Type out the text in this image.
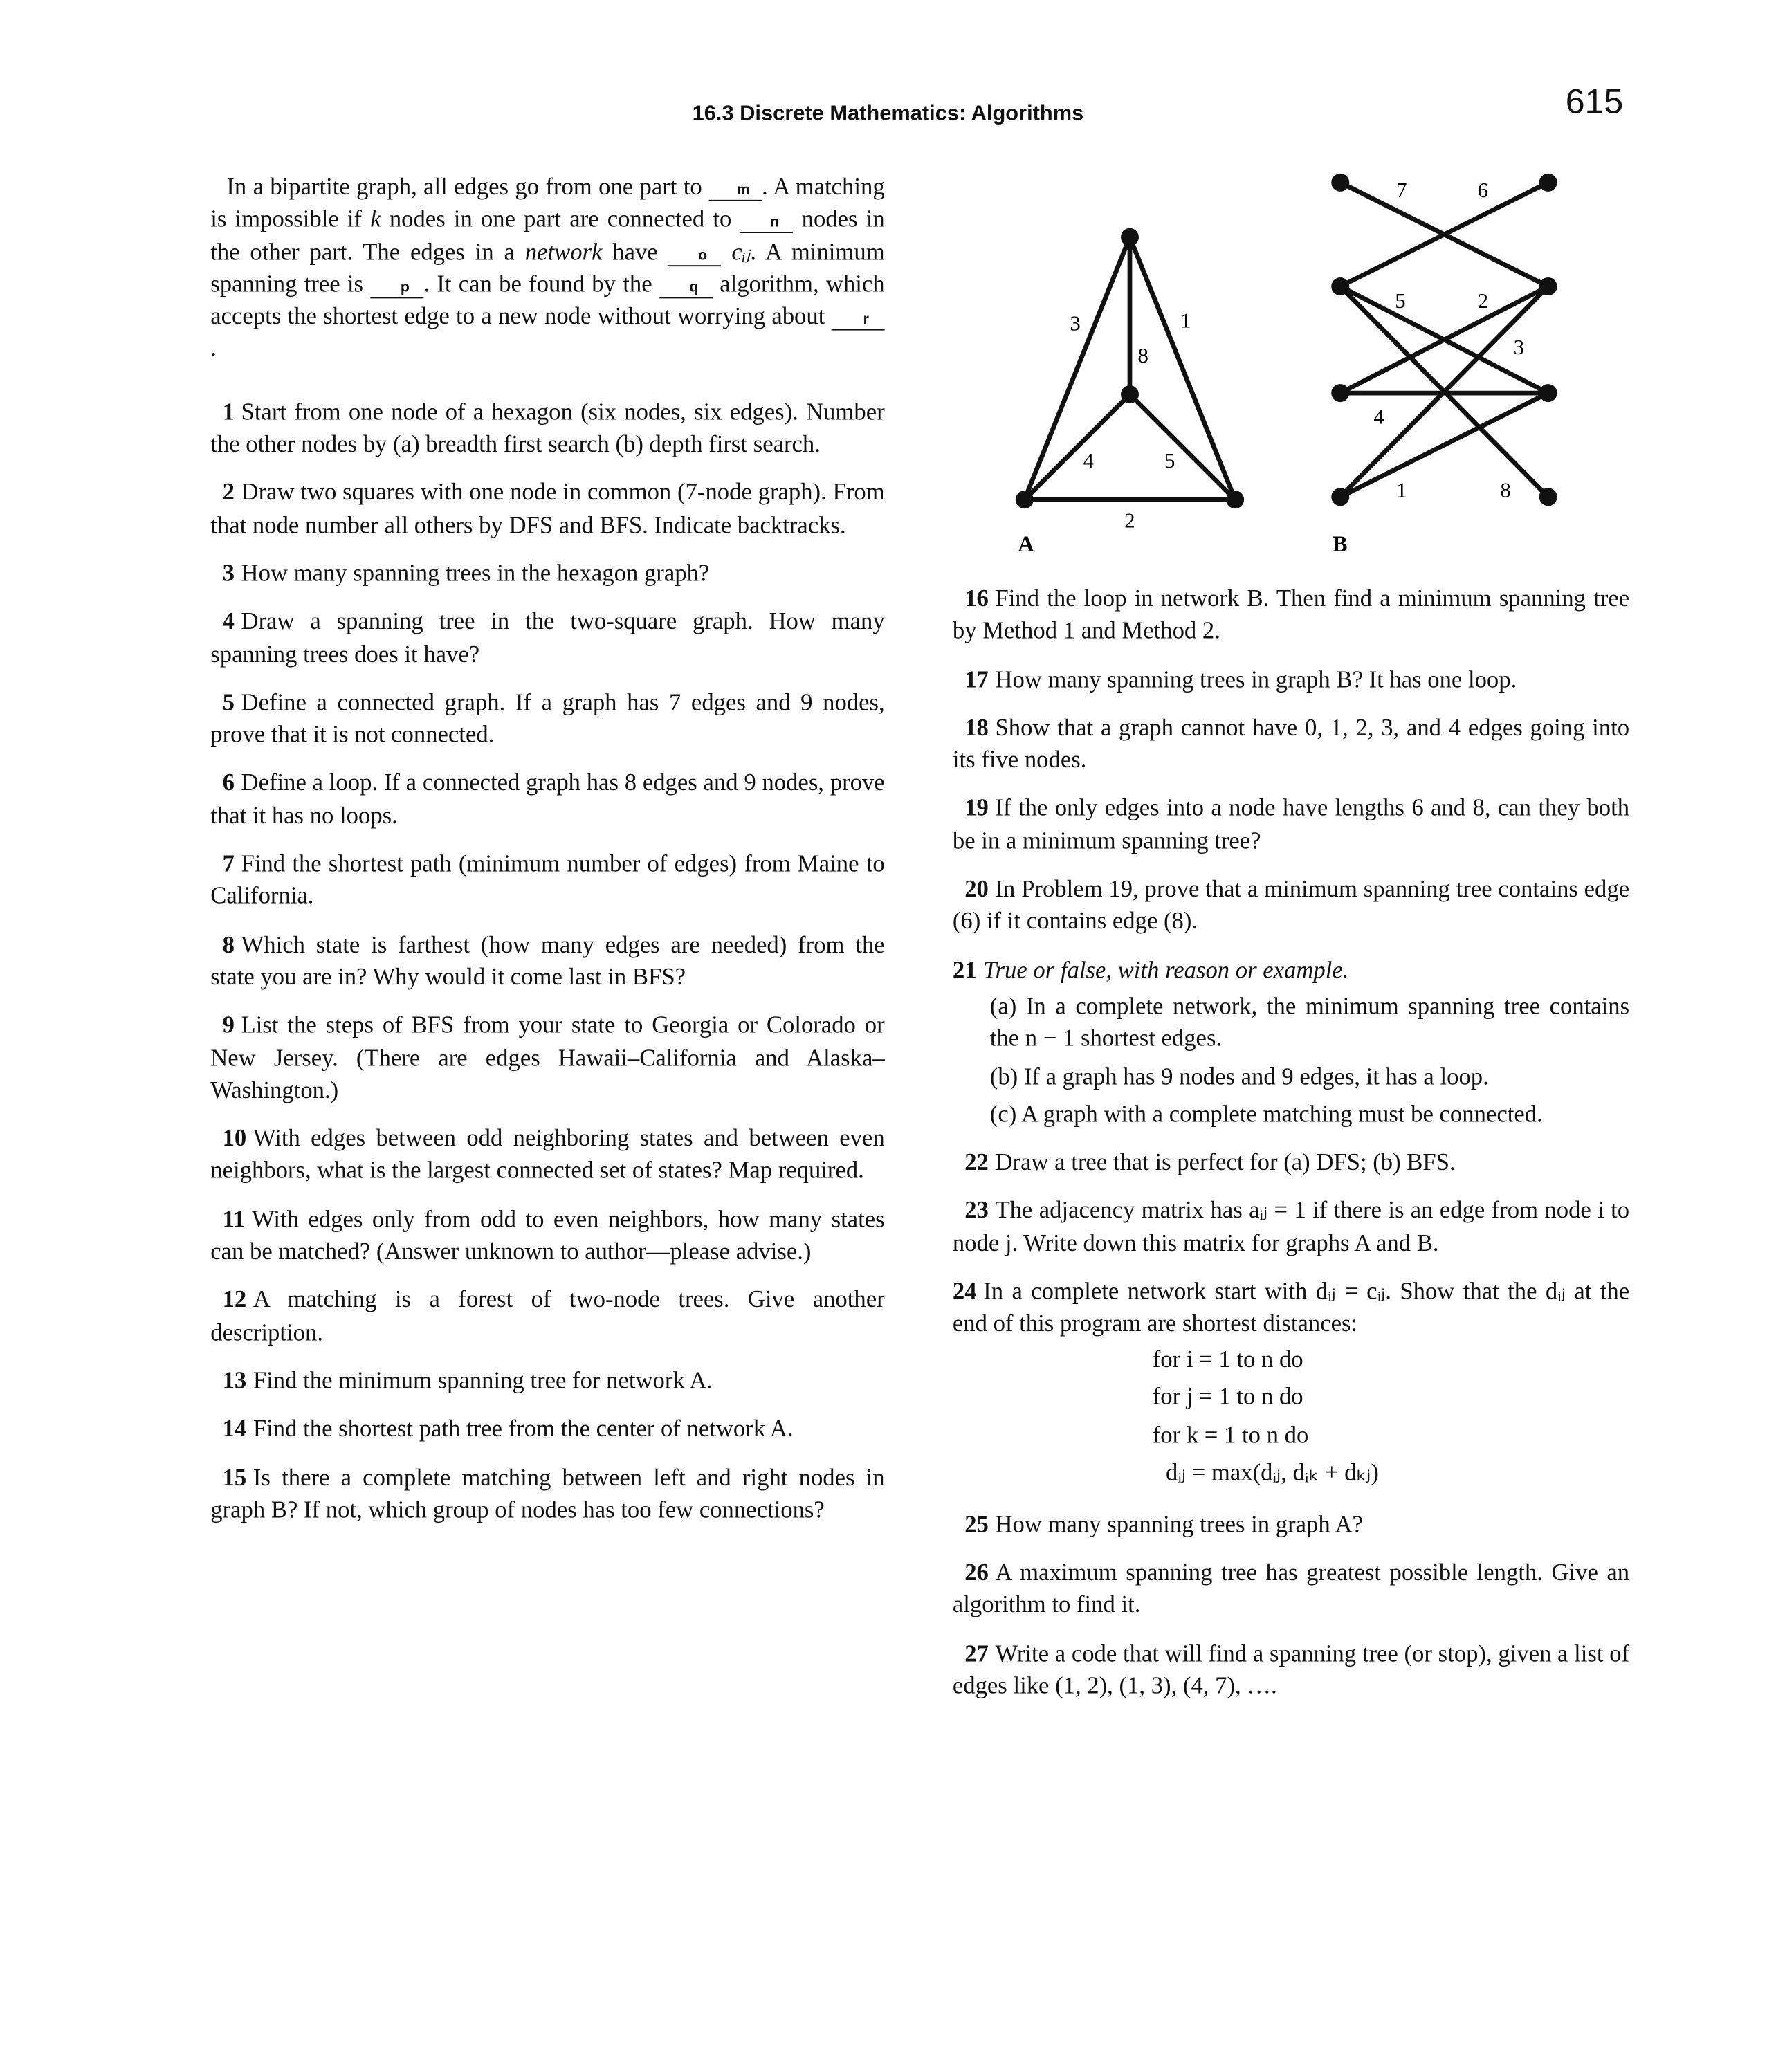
16.3 Discrete Mathematics: Algorithms	615

In a bipartite graph, all edges go from one part to	m . A matching is impossible if k nodes in one part are connected to	n nodes in the other part. The edges in a network have	o cᵢⱼ. A minimum spanning tree is	p . It can be found by the	q algorithm, which accepts the shortest edge to a new node without worrying about	r.

1 Start from one node of a hexagon (six nodes, six edges). Number the other nodes by (a) breadth first search (b) depth first search.

2 Draw two squares with one node in common (7-node graph). From that node number all others by DFS and BFS. Indicate backtracks.

3 How many spanning trees in the hexagon graph?

4 Draw a spanning tree in the two-square graph. How many spanning trees does it have?

5 Define a connected graph. If a graph has 7 edges and 9 nodes, prove that it is not connected.

6 Define a loop. If a connected graph has 8 edges and 9 nodes, prove that it has no loops.

7 Find the shortest path (minimum number of edges) from Maine to California.

8 Which state is farthest (how many edges are needed) from the state you are in? Why would it come last in BFS?

9 List the steps of BFS from your state to Georgia or Colorado or New Jersey. (There are edges Hawaii–California and Alaska–Washington.)

10 With edges between odd neighboring states and between even neighbors, what is the largest connected set of states? Map required.

11 With edges only from odd to even neighbors, how many states can be matched? (Answer unknown to author—please advise.)

12 A matching is a forest of two-node trees. Give another description.

13 Find the minimum spanning tree for network A.

14 Find the shortest path tree from the center of network A.

15 Is there a complete matching between left and right nodes in graph B? If not, which group of nodes has too few connections?

3	1
8
4	5
2
A
7	6
5	2
3
4
1	8
B

16 Find the loop in network B. Then find a minimum spanning tree by Method 1 and Method 2.

17 How many spanning trees in graph B? It has one loop.

18 Show that a graph cannot have 0, 1, 2, 3, and 4 edges going into its five nodes.

19 If the only edges into a node have lengths 6 and 8, can they both be in a minimum spanning tree?

20 In Problem 19, prove that a minimum spanning tree contains edge (6) if it contains edge (8).

21 True or false, with reason or example.
(a) In a complete network, the minimum spanning tree contains the n − 1 shortest edges.
(b) If a graph has 9 nodes and 9 edges, it has a loop.
(c) A graph with a complete matching must be connected.

22 Draw a tree that is perfect for (a) DFS; (b) BFS.

23 The adjacency matrix has aᵢⱼ = 1 if there is an edge from node i to node j. Write down this matrix for graphs A and B.

24 In a complete network start with dᵢⱼ = cᵢⱼ. Show that the dᵢⱼ at the end of this program are shortest distances:
for i = 1 to n do
for j = 1 to n do
for k = 1 to n do
dᵢⱼ = max(dᵢⱼ, dᵢₖ + dₖⱼ)

25 How many spanning trees in graph A?

26 A maximum spanning tree has greatest possible length. Give an algorithm to find it.

27 Write a code that will find a spanning tree (or stop), given a list of edges like (1, 2), (1, 3), (4, 7), ….
